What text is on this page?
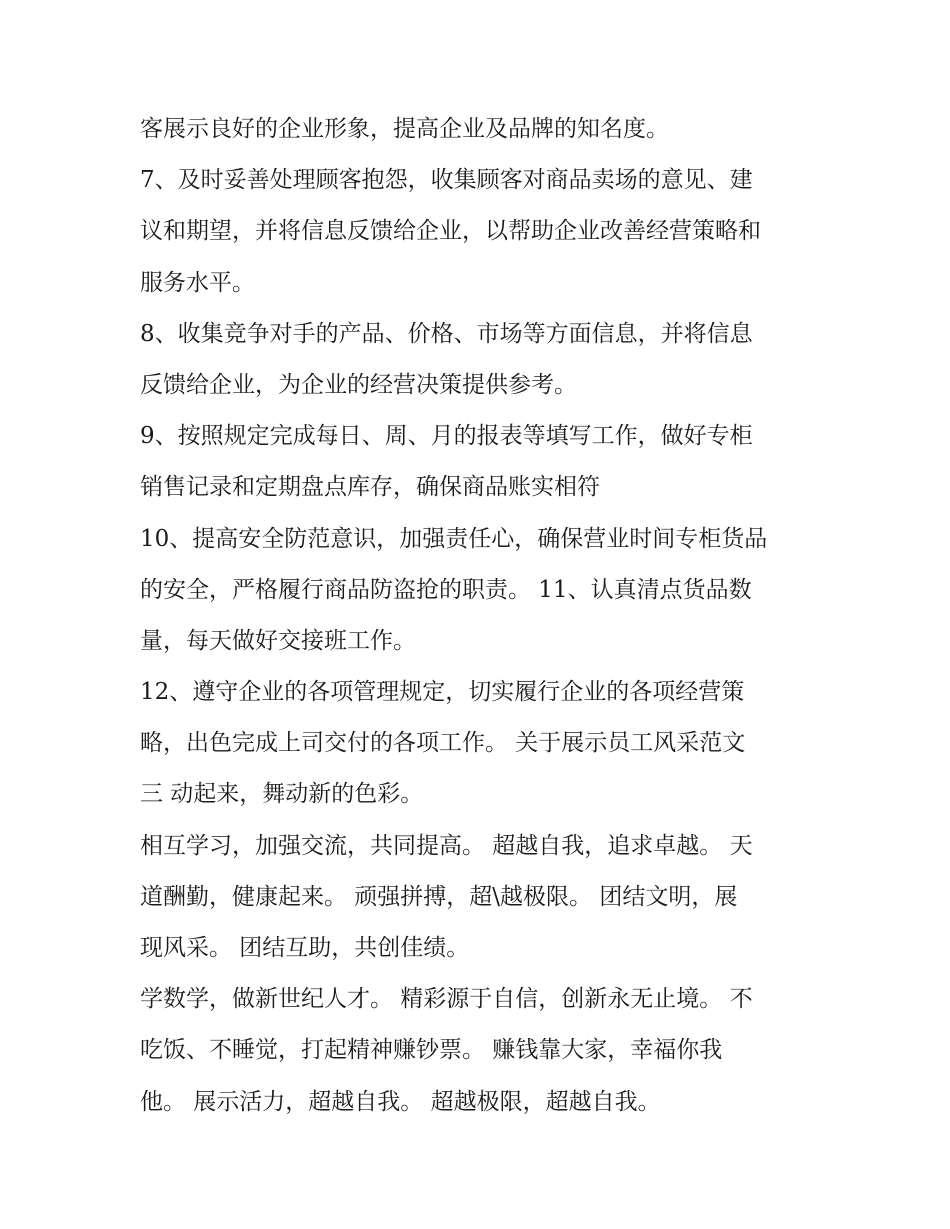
客展示良好的企业形象，提高企业及品牌的知名度。
7、及时妥善处理顾客抱怨，收集顾客对商品卖场的意见、建
议和期望，并将信息反馈给企业，以帮助企业改善经营策略和
服务水平。
8、收集竞争对手的产品、价格、市场等方面信息，并将信息
反馈给企业，为企业的经营决策提供参考。
9、按照规定完成每日、周、月的报表等填写工作，做好专柜
销售记录和定期盘点库存，确保商品账实相符
10、提高安全防范意识，加强责任心，确保营业时间专柜货品
的安全，严格履行商品防盗抢的职责。 11、认真清点货品数
量，每天做好交接班工作。
12、遵守企业的各项管理规定，切实履行企业的各项经营策
略，出色完成上司交付的各项工作。 关于展示员工风采范文
三 动起来，舞动新的色彩。
相互学习，加强交流，共同提高。 超越自我，追求卓越。 天
道酬勤，健康起来。 顽强拼搏，超\越极限。 团结文明，展
现风采。 团结互助，共创佳绩。
学数学，做新世纪人才。 精彩源于自信，创新永无止境。 不
吃饭、不睡觉，打起精神赚钞票。 赚钱靠大家，幸福你我
他。 展示活力，超越自我。 超越极限，超越自我。
